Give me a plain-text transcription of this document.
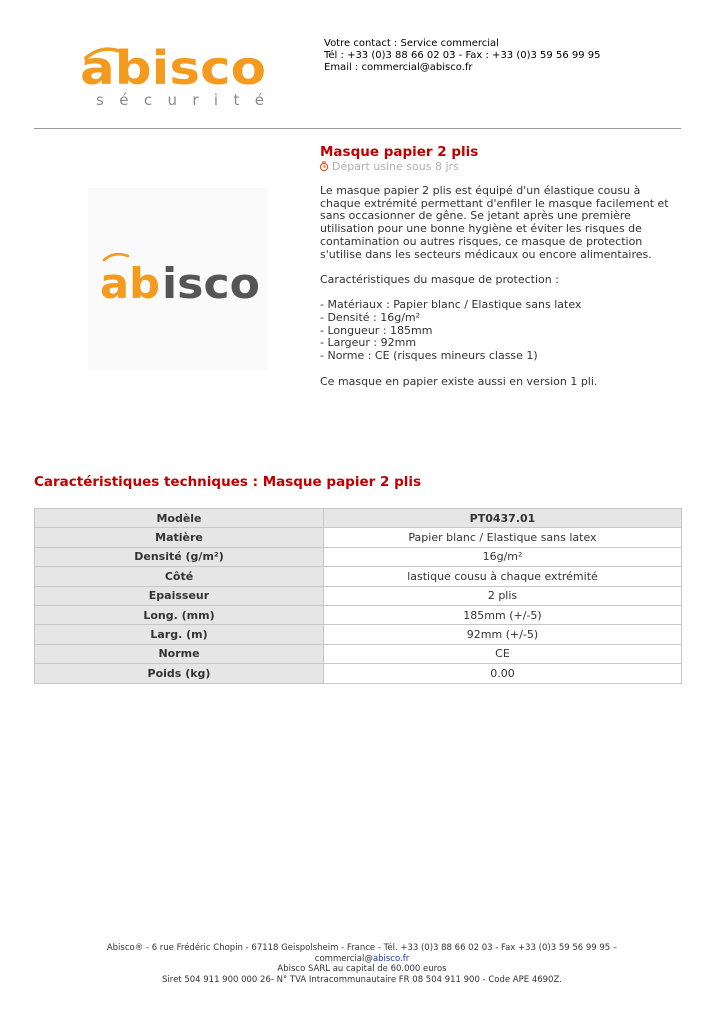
abisco
sécurité
Votre contact : Service commercial
Tél : +33 (0)3 88 66 02 03 - Fax : +33 (0)3 59 56 99 95
Email : commercial@abisco.fr
ab isco
Masque papier 2 plis
Départ usine sous 8 jrs

Le masque papier 2 plis est équipé d'un élastique cousu à chaque extrémité permettant d'enfiler le masque facilement et sans occasionner de gêne. Se jetant après une première utilisation pour une bonne hygiène et éviter les risques de contamination ou autres risques, ce masque de protection s'utilise dans les secteurs médicaux ou encore alimentaires.

Caractéristiques du masque de protection :

- Matériaux : Papier blanc / Elastique sans latex

- Densité : 16g/m²

- Longueur : 185mm

- Largeur : 92mm

- Norme : CE (risques mineurs classe 1)

Ce masque en papier existe aussi en version 1 pli.

Caractéristiques techniques : Masque papier 2 plis
Modèle	PT0437.01
Matière	Papier blanc / Elastique sans latex
Densité (g/m²)	16g/m²
Côté	lastique cousu à chaque extrémité
Epaisseur	2 plis
Long. (mm)	185mm (+/-5)
Larg. (m)	92mm (+/-5)
Norme	CE
Poids (kg)	0.00
Abisco® - 6 rue Frédéric Chopin - 67118 Geispolsheim - France - Tél. +33 (0)3 88 66 02 03 - Fax +33 (0)3 59 56 99 95 –
commercial@abisco.fr
Abisco SARL au capital de 60.000 euros
Siret 504 911 900 000 26- N° TVA Intracommunautaire FR 08 504 911 900 - Code APE 4690Z.
